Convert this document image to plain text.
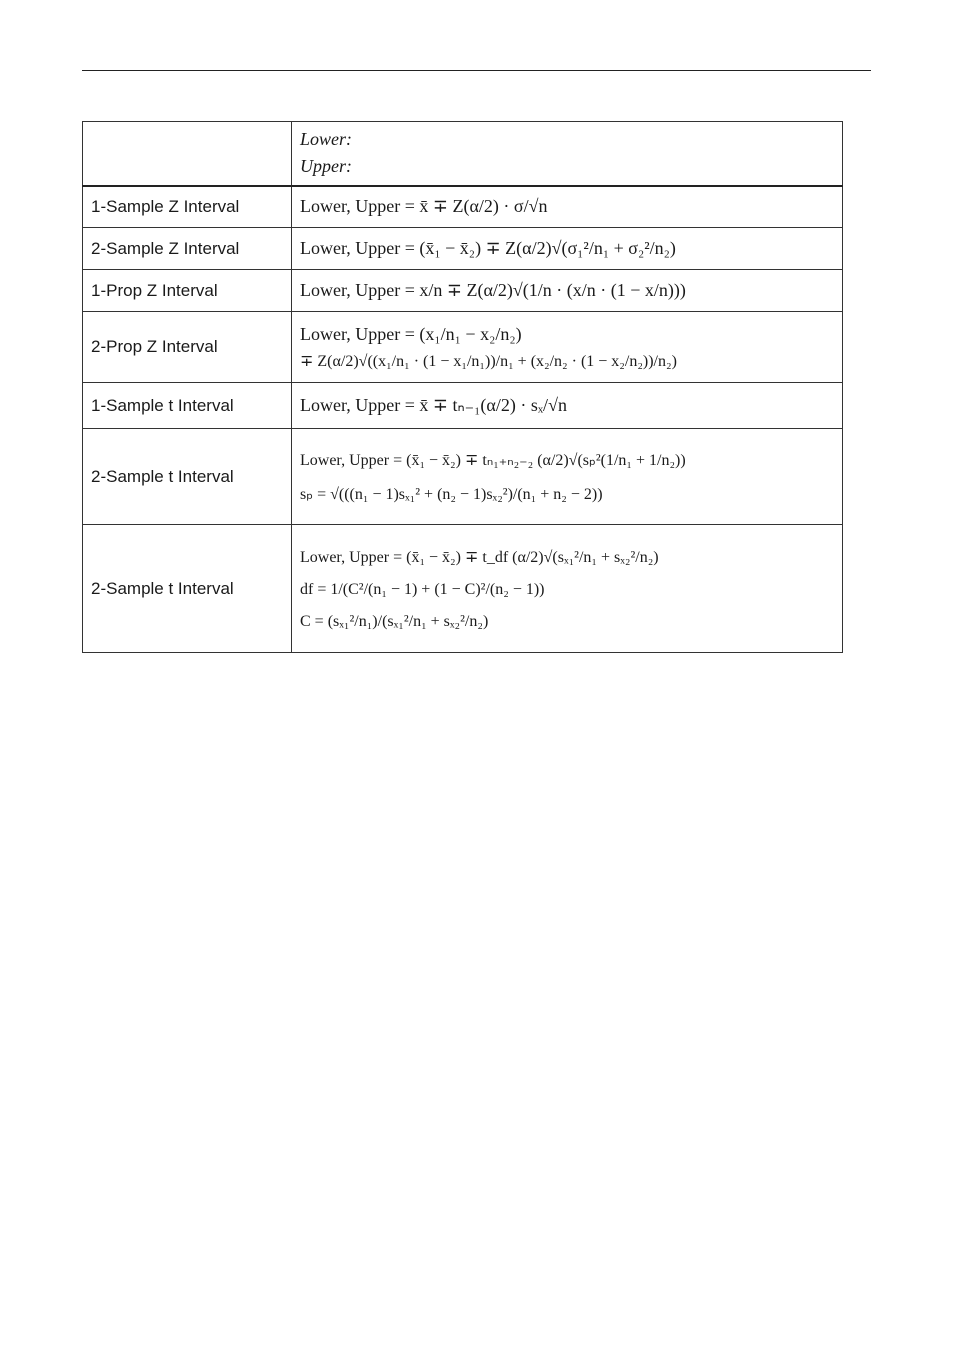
	Lower:
Upper:

1-Sample Z Interval	Lower, Upper = x̄ ∓ Z(α/2) · σ/√n

2-Sample Z Interval	Lower, Upper = (x̄₁ − x̄₂) ∓ Z(α/2)√(σ₁²/n₁ + σ₂²/n₂)

1-Prop Z Interval	Lower, Upper = x/n ∓ Z(α/2)√(1/n · (x/n · (1 − x/n)))

2-Prop Z Interval	Lower, Upper = (x₁/n₁ − x₂/n₂)
∓ Z(α/2)√((x₁/n₁ · (1 − x₁/n₁))/n₁ + (x₂/n₂ · (1 − x₂/n₂))/n₂)

1-Sample t Interval	Lower, Upper = x̄ ∓ tₙ₋₁(α/2) · sₓ/√n

2-Sample t Interval	Lower, Upper = (x̄₁ − x̄₂) ∓ tₙ₁₊ₙ₂₋₂ (α/2)√(sₚ²(1/n₁ + 1/n₂))
sₚ = √(((n₁ − 1)sₓ₁² + (n₂ − 1)sₓ₂²)/(n₁ + n₂ − 2))

2-Sample t Interval	Lower, Upper = (x̄₁ − x̄₂) ∓ t_df (α/2)√(sₓ₁²/n₁ + sₓ₂²/n₂)
df = 1/(C²/(n₁ − 1) + (1 − C)²/(n₂ − 1))
C = (sₓ₁²/n₁)/(sₓ₁²/n₁ + sₓ₂²/n₂)
